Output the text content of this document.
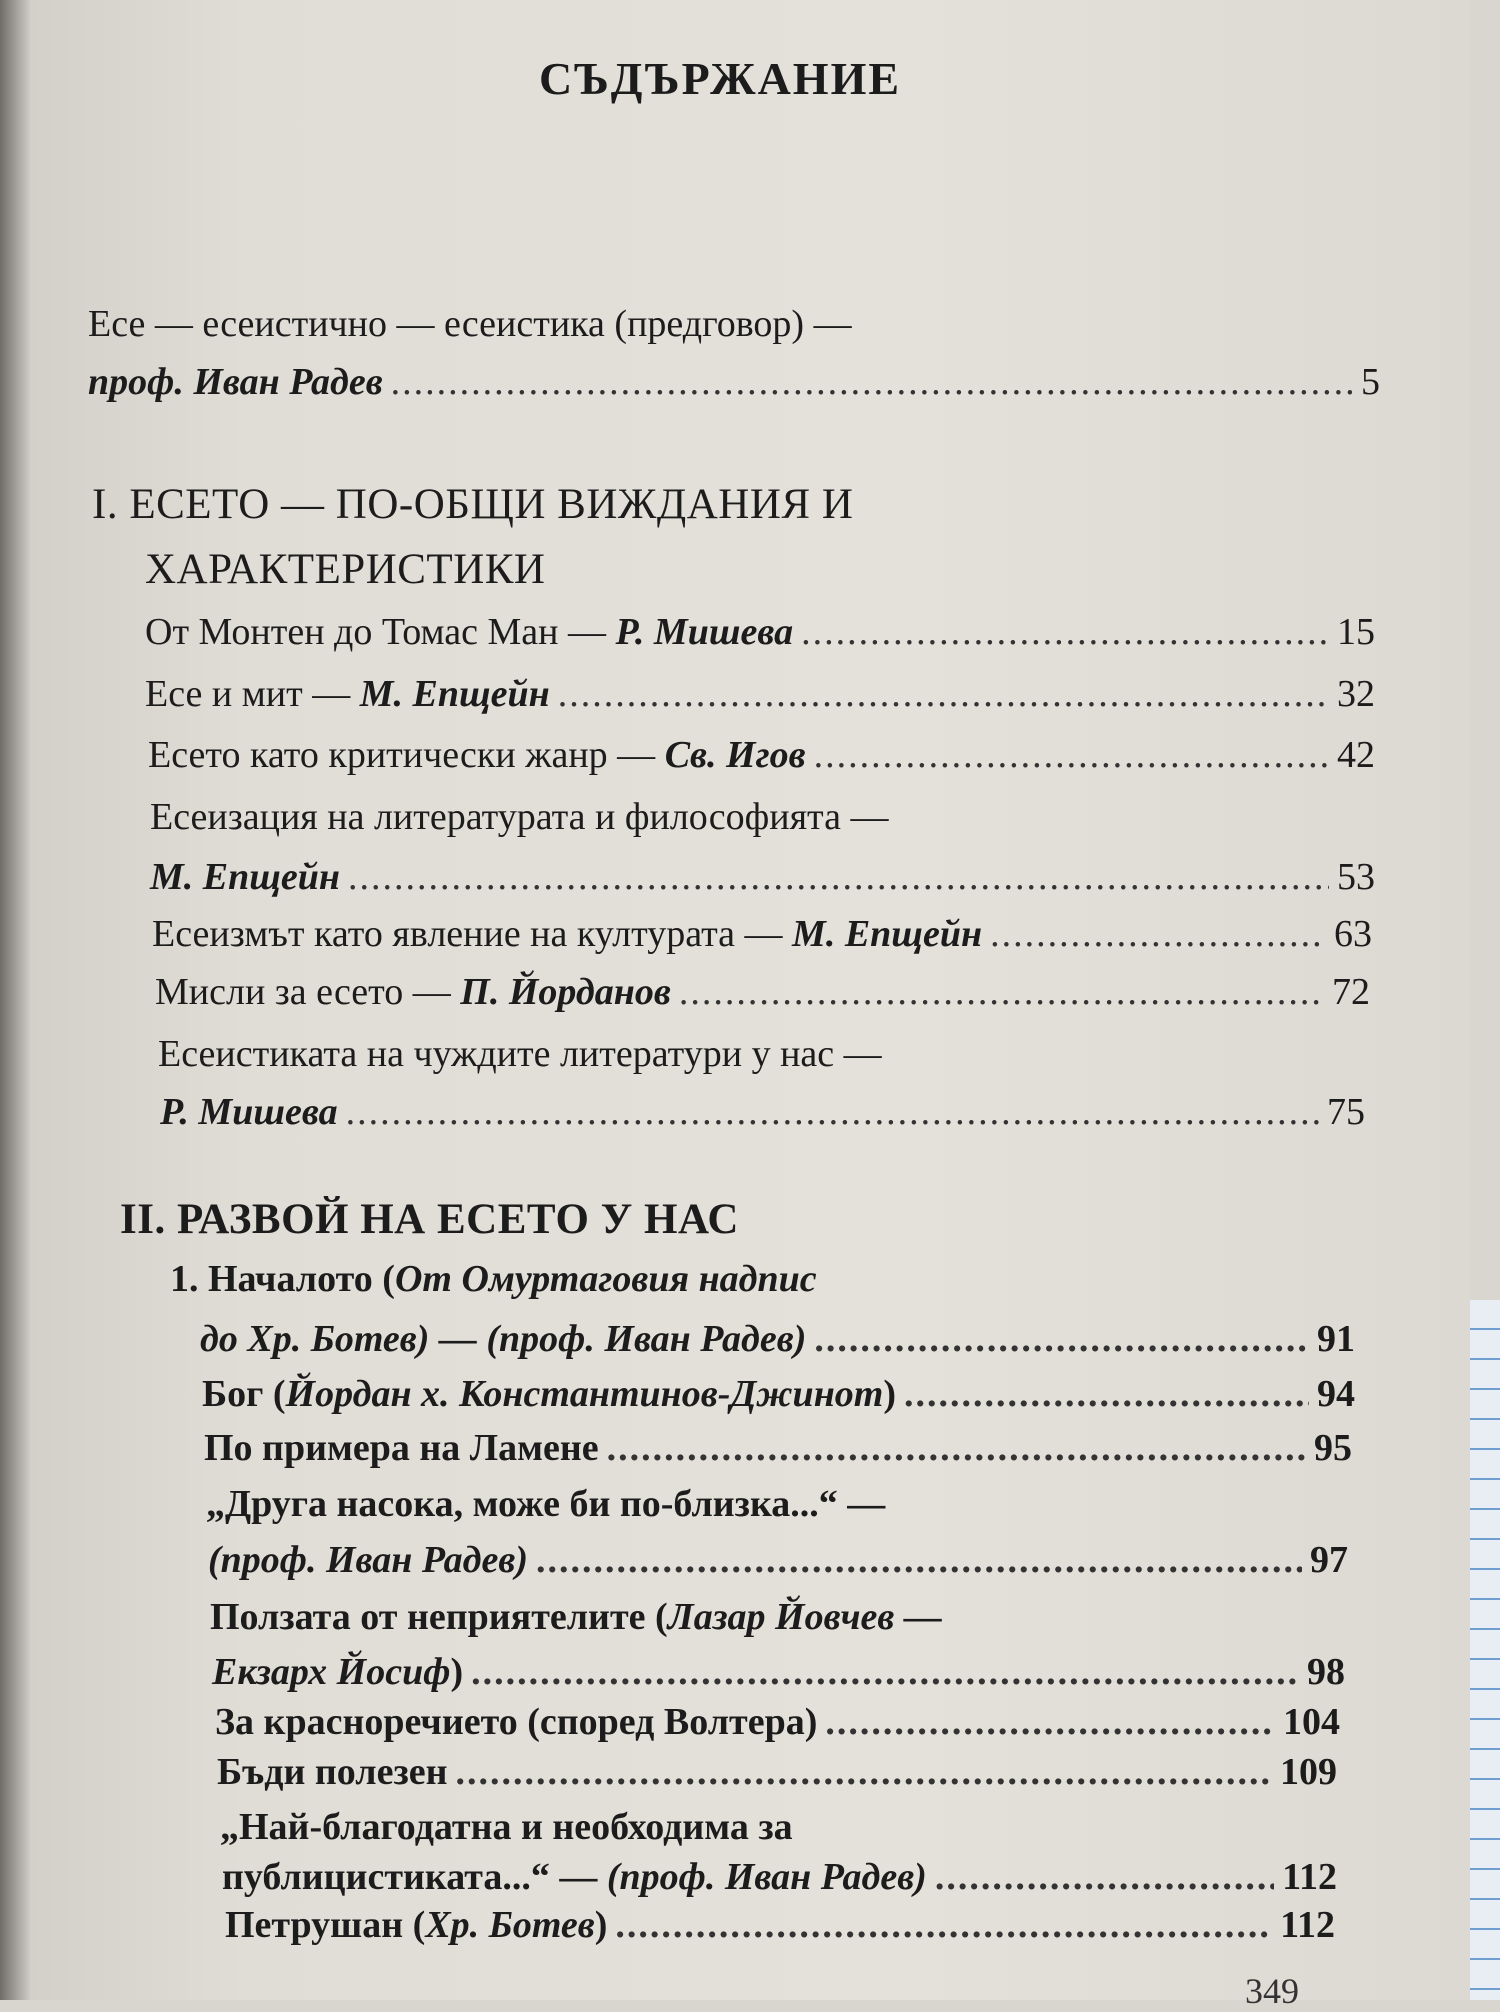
СЪДЪРЖАНИЕ
Есе — есеистично — есеистика (предговор) —
проф. Иван Радев .....	5
I. ЕСЕТО — ПО-ОБЩИ ВИЖДАНИЯ И
ХАРАКТЕРИСТИКИ
От Монтен до Томас Ман — Р. Мишева .....	15
Есе и мит — М. Епщейн .....	32
Есето като критически жанр — Св. Игов .....	42
Есеизация на литературата и философията —
М. Епщейн .....	53
Есеизмът като явление на културата — М. Епщейн .....	63
Мисли за есето — П. Йорданов .....	72
Есеистиката на чуждите литератури у нас —
Р. Мишева .....	75
II. РАЗВОЙ НА ЕСЕТО У НАС
1. Началото (От Омуртаговия надпис
до Хр. Ботев) — (проф. Иван Радев) .....	91
Бог (Йордан х. Константинов-Джинот) .....	94
По примера на Ламене .....	95
„Друга насока, може би по-близка...“ —
(проф. Иван Радев) .....	97
Ползата от неприятелите (Лазар Йовчев —
Екзарх Йосиф) .....	98
За красноречието (според Волтера) .....	104
Бъди полезен .....	109
„Най-благодатна и необходима за
публицистиката...“ — (проф. Иван Радев) .....	112
Петрушан (Хр. Ботев) .....	112
349
